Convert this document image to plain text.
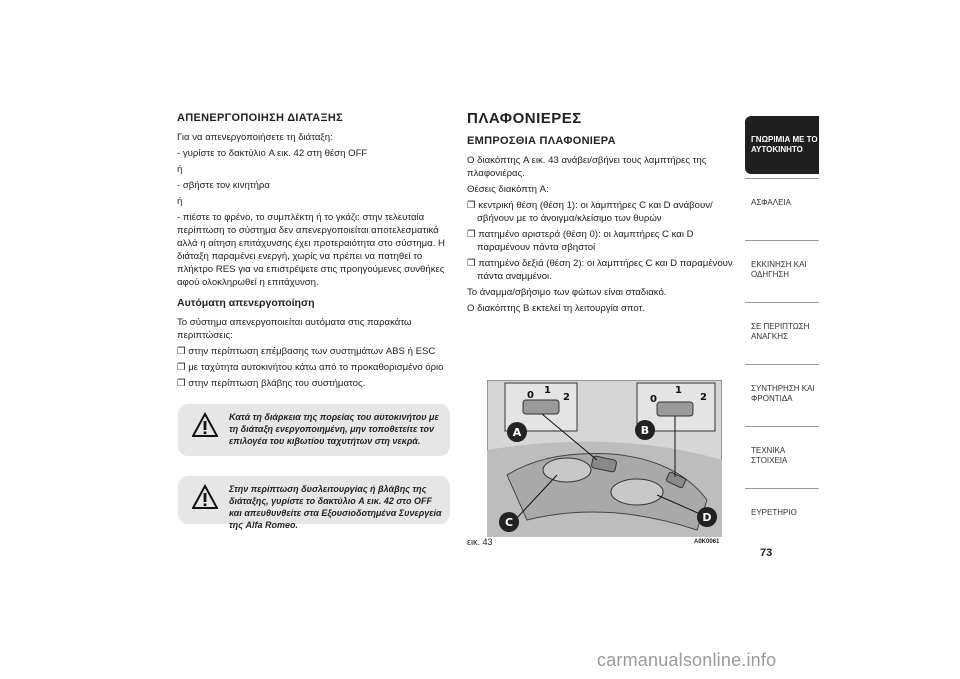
ΑΠΕΝΕΡΓΟΠΟΙΗΣΗ ΔΙΑΤΑΞΗΣ

Για να απενεργοποιήσετε τη διάταξη:

- γυρίστε το δακτύλιο A εικ. 42 στη θέση OFF

ή

- σβήστε τον κινητήρα

ή

- πιέστε το φρένο, το συμπλέκτη ή το γκάζι: στην τελευταία περίπτωση το σύστημα δεν απενεργοποιείται αποτελεσματικά αλλά η αίτηση επιτάχυνσης έχει προτεραιότητα στο σύστημα. Η διάταξη παραμένει ενεργή, χωρίς να πρέπει να πατηθεί το πλήκτρο RES για να επιστρέψετε στις προηγούμενες συνθήκες αφού ολοκληρωθεί η επιτάχυνση.

Αυτόματη απενεργοποίηση

Το σύστημα απενεργοποιείται αυτόματα στις παρακάτω περιπτώσεις:

❒ στην περίπτωση επέμβασης των συστημάτων ABS ή ESC

❒ με ταχύτητα αυτοκινήτου κάτω από το προκαθορισμένο όριο

❒ στην περίπτωση βλάβης του συστήματος.

Κατά τη διάρκεια της πορείας του αυτοκινήτου με τη διάταξη ενεργοποιημένη, μην τοποθετείτε τον επιλογέα του κιβωτίου ταχυτήτων στη νεκρά.
Στην περίπτωση δυσλειτουργίας ή βλάβης της διάταξης, γυρίστε το δακτύλιο A εικ. 42 στο OFF και απευθυνθείτε στα Εξουσιοδοτημένα Συνεργεία της Alfa Romeo.
ΠΛΑΦΟΝΙΕΡΕΣ
ΕΜΠΡΟΣΘΙΑ ΠΛΑΦΟΝΙΕΡΑ

Ο διακόπτης A εικ. 43 ανάβει/σβήνει τους λαμπτήρες της πλαφονιέρας.

Θέσεις διακόπτη A:

❒ κεντρική θέση (θέση 1): οι λαμπτήρες C και D ανάβουν/σβήνουν με το άνοιγμα/κλείσιμο των θυρών

❒ πατημένο αριστερά (θέση 0): οι λαμπτήρες C και D παραμένουν πάντα σβηστοί

❒ πατημένο δεξιά (θέση 2): οι λαμπτήρες C και D παραμένουν πάντα αναμμένοι.

Το άναμμα/σβήσιμο των φώτων είναι σταδιακό.

Ο διακόπτης B εκτελεί τη λειτουργία σποτ.

0 1
2	0
1
2
A	B
C	D
εικ. 43	A0K0061
ΓΝΩΡΙΜΙΑ ΜΕ ΤΟ ΑΥΤΟΚΙΝΗΤΟ
ΑΣΦΑΛΕΙΑ
ΕΚΚΙΝΗΣΗ ΚΑΙ ΟΔΗΓΗΣΗ
ΣΕ ΠΕΡΙΠΤΩΣΗ ΑΝΑΓΚΗΣ
ΣΥΝΤΗΡΗΣΗ ΚΑΙ ΦΡΟΝΤΙΔΑ
ΤΕΧΝΙΚΑ ΣΤΟΙΧΕΙΑ
ΕΥΡΕΤΗΡΙΟ
73
carmanualsonline.info
